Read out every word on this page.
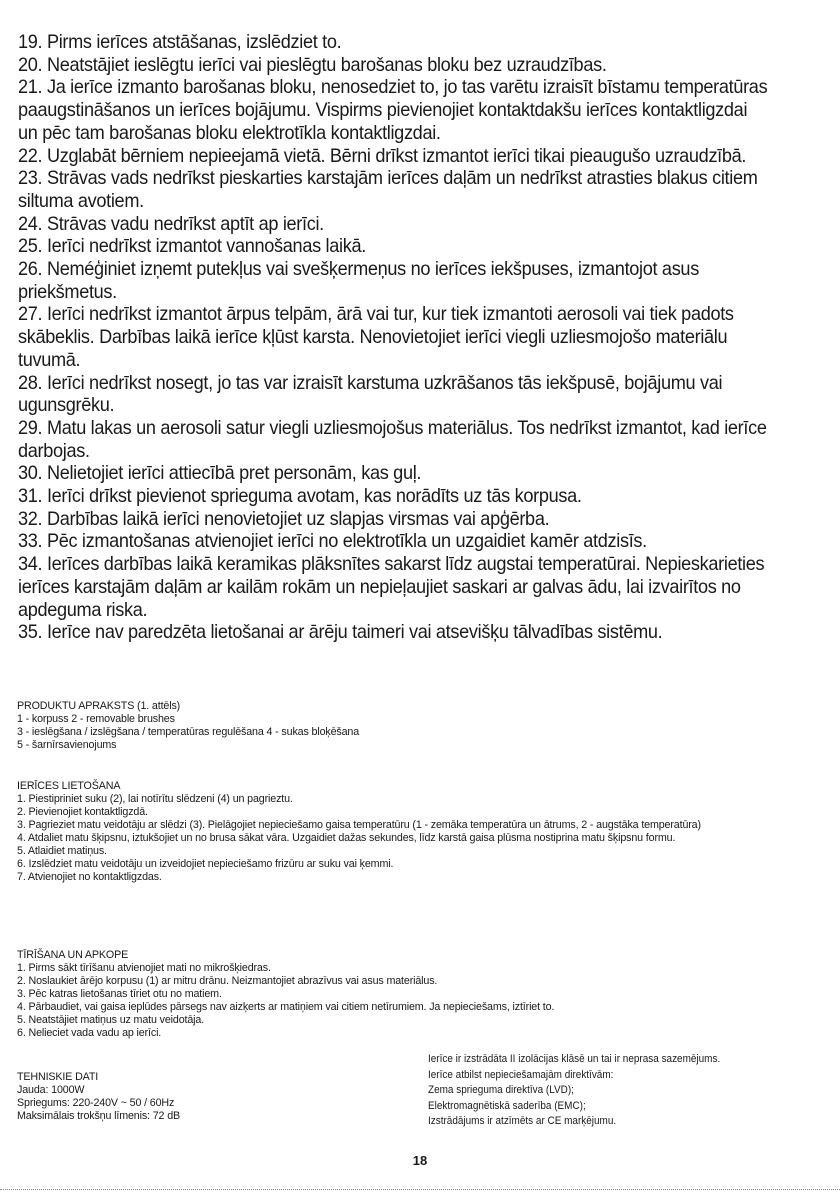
19. Pirms ierīces atstāšanas, izslēdziet to.

20. Neatstājiet ieslēgtu ierīci vai pieslēgtu barošanas bloku bez uzraudzības.

21. Ja ierīce izmanto barošanas bloku, nenosedziet to, jo tas varētu izraisīt bīstamu temperatūras paaugstināšanos un ierīces bojājumu. Vispirms pievienojiet kontaktdakšu ierīces kontaktligzdai un pēc tam barošanas bloku elektrotīkla kontaktligzdai.

22. Uzglabāt bērniem nepieejamā vietā. Bērni drīkst izmantot ierīci tikai pieaugušo uzraudzībā.

23. Strāvas vads nedrīkst pieskarties karstajām ierīces daļām un nedrīkst atrasties blakus citiem siltuma avotiem.

24. Strāvas vadu nedrīkst aptīt ap ierīci.

25. Ierīci nedrīkst izmantot vannošanas laikā.

26. Neméģiniet izņemt putekļus vai svešķermeņus no ierīces iekšpuses, izmantojot asus priekšmetus.

27. Ierīci nedrīkst izmantot ārpus telpām, ārā vai tur, kur tiek izmantoti aerosoli vai tiek padots skābeklis. Darbības laikā ierīce kļūst karsta. Nenovietojiet ierīci viegli uzliesmojošo materiālu tuvumā.

28. Ierīci nedrīkst nosegt, jo tas var izraisīt karstuma uzkrāšanos tās iekšpusē, bojājumu vai ugunsgrēku.

29. Matu lakas un aerosoli satur viegli uzliesmojošus materiālus. Tos nedrīkst izmantot, kad ierīce darbojas.

30. Nelietojiet ierīci attiecībā pret personām, kas guļ.

31. Ierīci drīkst pievienot sprieguma avotam, kas norādīts uz tās korpusa.

32. Darbības laikā ierīci nenovietojiet uz slapjas virsmas vai apģērba.

33. Pēc izmantošanas atvienojiet ierīci no elektrotīkla un uzgaidiet kamēr atdzisīs.

34. Ierīces darbības laikā keramikas plāksnītes sakarst līdz augstai temperatūrai. Nepieskarieties ierīces karstajām daļām ar kailām rokām un nepieļaujiet saskari ar galvas ādu, lai izvairītos no apdeguma riska.

35. Ierīce nav paredzēta lietošanai ar ārēju taimeri vai atsevišķu tālvadības sistēmu.

PRODUKTU APRAKSTS (1. attēls)

1 - korpuss 2 - removable brushes

3 - ieslēgšana / izslēgšana / temperatūras regulēšana 4 - sukas bloķēšana

5 - šarnīrsavienojums

IERĪCES LIETOŠANA

1. Piestipriniet suku (2), lai notīrītu slēdzeni (4) un pagrieztu.

2. Pievienojiet kontaktligzdā.

3. Pagrieziet matu veidotāju ar slēdzi (3). Pielāgojiet nepieciešamo gaisa temperatūru (1 - zemāka temperatūra un ātrums, 2 - augstāka temperatūra)

4. Atdaliet matu šķipsnu, iztukšojiet un no brusa sākat vāra. Uzgaidiet dažas sekundes, līdz karstā gaisa plūsma nostiprina matu šķipsnu formu.

5. Atlaidiet matiņus.

6. Izslēdziet matu veidotāju un izveidojiet nepieciešamo frizūru ar suku vai ķemmi.

7. Atvienojiet no kontaktligzdas.

TĪRĪŠANA UN APKOPE

1. Pirms sākt tīrīšanu atvienojiet mati no mikrošķiedras.

2. Noslaukiet ārējo korpusu (1) ar mitru drānu. Neizmantojiet abrazīvus vai asus materiālus.

3. Pēc katras lietošanas tīriet otu no matiem.

4. Pārbaudiet, vai gaisa ieplūdes pārsegs nav aizķerts ar matiņiem vai citiem netīrumiem. Ja nepieciešams, iztīriet to.

5. Neatstājiet matiņus uz matu veidotāja.

6. Nelieciet vada vadu ap ierīci.

TEHNISKIE DATI

Jauda: 1000W

Spriegums: 220-240V ~ 50 / 60Hz

Maksimālais trokšņu līmenis: 72 dB

Ierīce ir izstrādāta II izolācijas klāsē un tai ir neprasa sazemējums.

Ierīce atbilst nepieciešamajām direktīvām:

Zema sprieguma direktīva (LVD);

Elektromagnētiskā saderība (EMC);

Izstrādājums ir atzīmēts ar CE marķējumu.

18
